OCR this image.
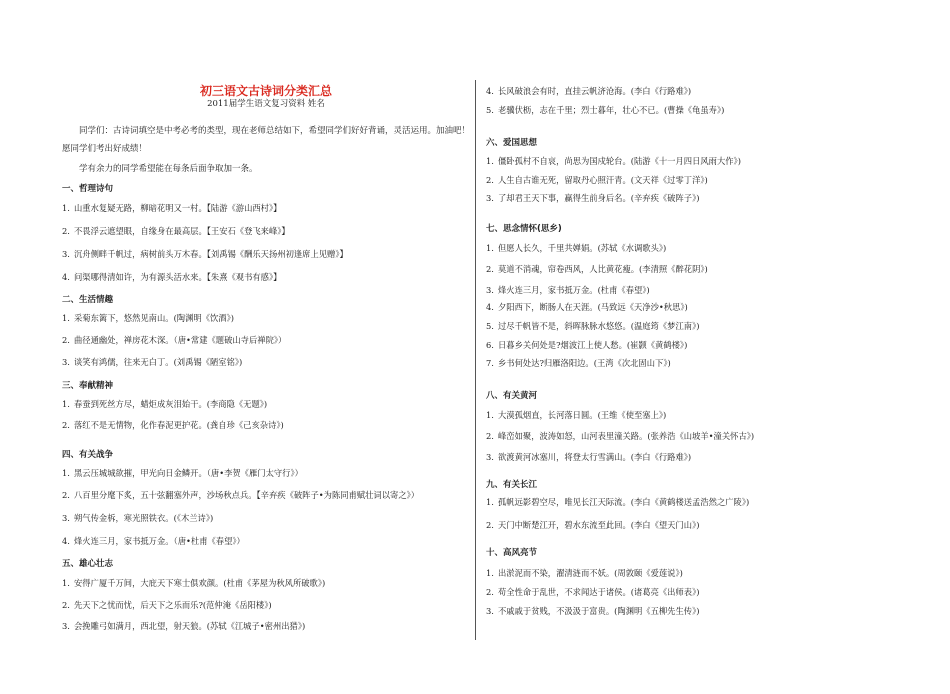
初三语文古诗词分类汇总
2011届学生语文复习资料 姓名
同学们：古诗词填空是中考必考的类型，现在老师总结如下，希望同学们好好背诵，灵活运用。加油吧！愿同学们考出好成绩！
学有余力的同学希望能在每条后面争取加一条。
一、哲理诗句
1. 山重水复疑无路，柳暗花明又一村。【陆游《游山西村》】
2. 不畏浮云遮望眼，自缘身在最高层。【王安石《登飞来峰》】
3. 沉舟侧畔千帆过，病树前头万木春。【刘禹锡《酬乐天扬州初逢席上见赠》】
4. 问渠哪得清如许，为有源头活水来。【朱熹《观书有感》】
二、生活情趣
1. 采菊东篱下，悠然见南山。(陶渊明《饮酒》)
2. 曲径通幽处，禅房花木深。（唐•常建《题破山寺后禅院》）
3. 谈笑有鸿儒，往来无白丁。(刘禹锡《陋室铭》)
三、奉献精神
1. 春蚕到死丝方尽，蜡炬成灰泪始干。(李商隐《无题》)
2. 落红不是无情物，化作春泥更护花。(龚自珍《己亥杂诗》)
四、有关战争
1. 黑云压城城欲摧，甲光向日金鳞开。（唐•李贺《雁门太守行》）
2. 八百里分麾下炙，五十弦翻塞外声，沙场秋点兵。【辛弃疾《破阵子•为陈同甫赋壮词以寄之》）
3. 朔气传金柝，寒光照铁衣。(《木兰诗》)
4. 烽火连三月，家书抵万金。（唐•杜甫《春望》）
五、雄心壮志
1. 安得广厦千万间，大庇天下寒士俱欢颜。(杜甫《茅屋为秋风所破歌》)
2. 先天下之忧而忧，后天下之乐而乐?(范仲淹《岳阳楼》)
3. 会挽雕弓如满月，西北望，射天狼。(苏轼《江城子•密州出猎》)
4. 长风破浪会有时，直挂云帆济沧海。(李白《行路难》)
5. 老骥伏枥，志在千里；烈士暮年，壮心不已。(曹操《龟虽寿》)
六、爱国思想
1. 僵卧孤村不自哀，尚思为国戍轮台。(陆游《十一月四日风雨大作》)
2. 人生自古谁无死，留取丹心照汗青。(文天祥《过零丁洋》)
3. 了却君王天下事，赢得生前身后名。(辛弃疾《破阵子》)
七、思念情怀(思乡)
1. 但愿人长久，千里共婵娟。(苏轼《水调歌头》)
2. 莫道不消魂，帘卷西风，人比黄花瘦。(李清照《醉花阴》)
3. 烽火连三月，家书抵万金。(杜甫《春望》)
4. 夕阳西下，断肠人在天涯。(马致远《天净沙•秋思》)
5. 过尽千帆皆不是，斜晖脉脉水悠悠。(温庭筠《梦江南》)
6. 日暮乡关何处是?烟波江上使人愁。(崔颢《黄鹤楼》)
7. 乡书何处达?归雁洛阳边。(王湾《次北固山下》)
八、有关黄河
1. 大漠孤烟直，长河落日圆。(王维《使至塞上》)
2. 峰峦如聚，波涛如怒，山河表里潼关路。(张养浩《山坡羊•潼关怀古》)
3. 欲渡黄河冰塞川，将登太行雪满山。(李白《行路难》)
九、有关长江
1. 孤帆远影碧空尽，唯见长江天际流。(李白《黄鹤楼送孟浩然之广陵》)
2. 天门中断楚江开，碧水东流至此回。(李白《望天门山》)
十、高风亮节
1. 出淤泥而不染，濯清涟而不妖。(周敦颐《爱莲说》)
2. 苟全性命于乱世，不求闻达于诸侯。(诸葛亮《出师表》)
3. 不戚戚于贫贱，不汲汲于富贵。(陶渊明《五柳先生传》)
